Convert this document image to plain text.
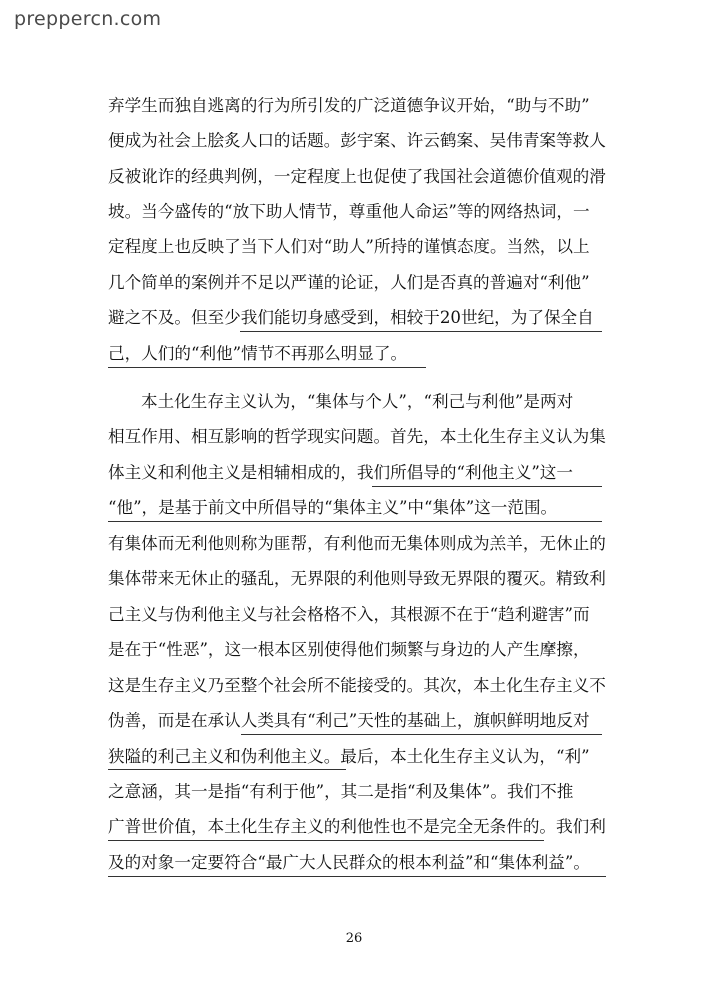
prepper​cn.com
弃学生而独自逃离的行为所引发的广泛道德争议开始，“助与不助”
便成为社会上脍炙人口的话题。彭宇案、许云鹤案、吴伟青案等救人
反被讹诈的经典判例，一定程度上也促使了我国社会道德价值观的滑
坡。当今盛传的“放下助人情节，尊重他人命运”等的网络热词，一
定程度上也反映了当下人们对“助人”所持的谨慎态度。当然，以上
几个简单的案例并不足以严谨的论证，人们是否真的普遍对“利他”
避之不及。但至少我们能切身感受到，相较于20世纪，为了保全自
己，人们的“利他”情节不再那么明显了。
本土化生存主义认为，“集体与个人”，“利己与利他”是两对
相互作用、相互影响的哲学现实问题。首先，本土化生存主义认为集
体主义和利他主义是相辅相成的，我们所倡导的“利他主义”这一
“他”，是基于前文中所倡导的“集体主义”中“集体”这一范围。
有集体而无利他则称为匪帮，有利他而无集体则成为羔羊，无休止的
集体带来无休止的骚乱，无界限的利他则导致无界限的覆灭。精致利
己主义与伪利他主义与社会格格不入，其根源不在于“趋利避害”而
是在于“性恶”，这一根本区别使得他们频繁与身边的人产生摩擦，
这是生存主义乃至整个社会所不能接受的。其次，本土化生存主义不
伪善，而是在承认人类具有“利己”天性的基础上，旗帜鲜明地反对
狭隘的利己主义和伪利他主义。最后，本土化生存主义认为，“利”
之意涵，其一是指“有利于他”，其二是指“利及集体”。我们不推
广普世价值，本土化生存主义的利他性也不是完全无条件的。我们利
及的对象一定要符合“最广大人民群众的根本利益”和“集体利益”。
26
